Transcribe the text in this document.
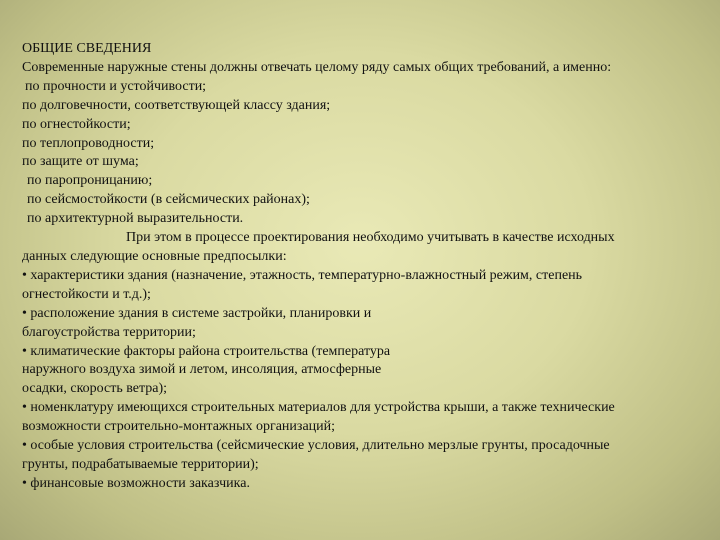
ОБЩИЕ СВЕДЕНИЯ
Современные наружные стены должны отвечать целому ряду самых общих требований, а именно:
по прочности и устойчивости;
по долговечности, соответствующей классу здания;
по огнестойкости;
по теплопроводности;
по защите от шума;
по паропроницанию;
по сейсмостойкости (в сейсмических районах);
по архитектурной выразительности.
При этом в процессе проектирования необходимо учитывать в качестве исходных
данных следующие основные предпосылки:
• характеристики здания (назначение, этажность, температурно-влажностный режим, степень
огнестойкости и т.д.);
• расположение здания в системе застройки, планировки и
благоустройства территории;
• климатические факторы района строительства (температура
наружного воздуха зимой и летом, инсоляция, атмосферные
осадки, скорость ветра);
• номенклатуру имеющихся строительных материалов для устройства крыши, а также технические
возможности строительно-монтажных организаций;
• особые условия строительства (сейсмические условия, длительно мерзлые грунты, просадочные
грунты, подрабатываемые территории);
• финансовые возможности заказчика.
